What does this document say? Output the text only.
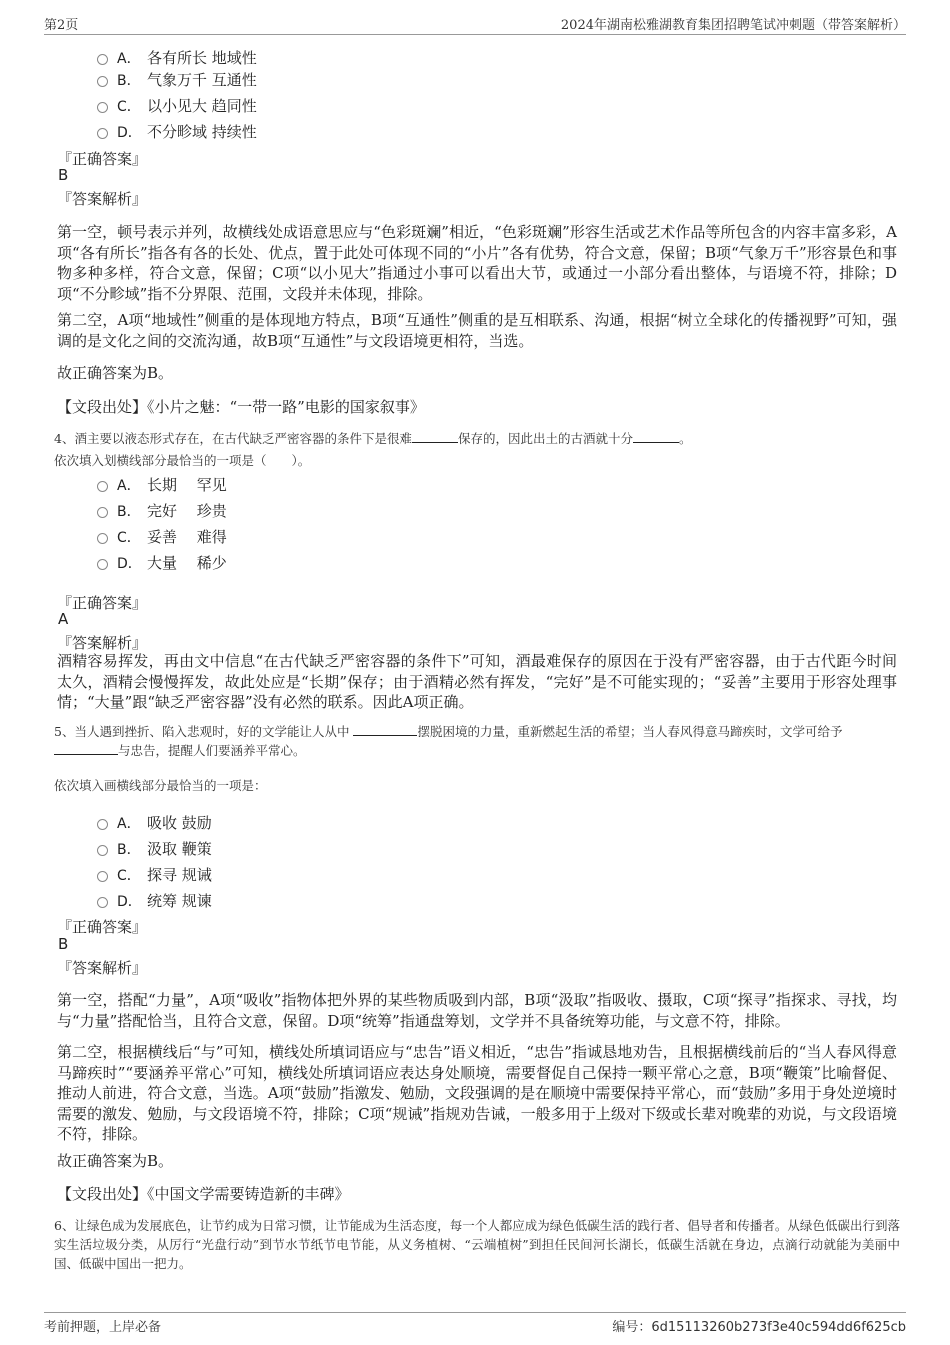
第2页	2024年湖南松雅湖教育集团招聘笔试冲刺题（带答案解析）
A． 各有所长 地域性
B． 气象万千 互通性
C． 以小见大 趋同性
D． 不分畛域 持续性
『正确答案』
B
『答案解析』
第一空，顿号表示并列，故横线处成语意思应与“色彩斑斓”相近，“色彩斑斓”形容生活或艺术作品等所包含的内容丰富多彩，A项“各有所长”指各有各的长处、优点，置于此处可体现不同的“小片”各有优势，符合文意，保留；B项“气象万千”形容景色和事物多种多样，符合文意，保留；C项“以小见大”指通过小事可以看出大节，或通过一小部分看出整体，与语境不符，排除；D项“不分畛域”指不分界限、范围，文段并未体现，排除。
第二空，A项“地域性”侧重的是体现地方特点，B项“互通性”侧重的是互相联系、沟通，根据“树立全球化的传播视野”可知，强调的是文化之间的交流沟通，故B项“互通性”与文段语境更相符，当选。
故正确答案为B。
【文段出处】《小片之魅：“一带一路”电影的国家叙事》
4、酒主要以液态形式存在，在古代缺乏严密容器的条件下是很难	保存的，因此出土的古酒就十分	。
依次填入划横线部分最恰当的一项是（　　）。
A． 长期　 罕见
B． 完好　 珍贵
C． 妥善　 难得
D． 大量　 稀少
『正确答案』
A
『答案解析』
酒精容易挥发，再由文中信息“在古代缺乏严密容器的条件下”可知，酒最难保存的原因在于没有严密容器，由于古代距今时间太久，酒精会慢慢挥发，故此处应是“长期”保存；由于酒精必然有挥发，“完好”是不可能实现的；“妥善”主要用于形容处理事情；“大量”跟“缺乏严密容器”没有必然的联系。因此A项正确。
5、当人遇到挫折、陷入悲观时，好的文学能让人从中	摆脱困境的力量，重新燃起生活的希望；当人春风得意马蹄疾时，文学可给予与忠告，提醒人们要涵养平常心。
依次填入画横线部分最恰当的一项是：
A． 吸收 鼓励
B． 汲取 鞭策
C． 探寻 规诫
D． 统筹 规谏
『正确答案』
B
『答案解析』
第一空，搭配“力量”，A项“吸收”指物体把外界的某些物质吸到内部，B项“汲取”指吸收、摄取，C项“探寻”指探求、寻找，均与“力量”搭配恰当，且符合文意，保留。D项“统筹”指通盘筹划，文学并不具备统筹功能，与文意不符，排除。
第二空，根据横线后“与”可知，横线处所填词语应与“忠告”语义相近，“忠告”指诚恳地劝告，且根据横线前后的“当人春风得意马蹄疾时”“要涵养平常心”可知，横线处所填词语应表达身处顺境，需要督促自己保持一颗平常心之意，B项“鞭策”比喻督促、推动人前进，符合文意，当选。A项“鼓励”指激发、勉励，文段强调的是在顺境中需要保持平常心，而“鼓励”多用于身处逆境时需要的激发、勉励，与文段语境不符，排除；C项“规诫”指规劝告诫，一般多用于上级对下级或长辈对晚辈的劝说，与文段语境不符，排除。
故正确答案为B。
【文段出处】《中国文学需要铸造新的丰碑》
6、让绿色成为发展底色，让节约成为日常习惯，让节能成为生活态度，每一个人都应成为绿色低碳生活的践行者、倡导者和传播者。从绿色低碳出行到落实生活垃圾分类，从厉行“光盘行动”到节水节纸节电节能，从义务植树、“云端植树”到担任民间河长湖长，低碳生活就在身边，点滴行动就能为美丽中国、低碳中国出一把力。
考前押题，上岸必备	编号：6d15113260b273f3e40c594dd6f625cb
